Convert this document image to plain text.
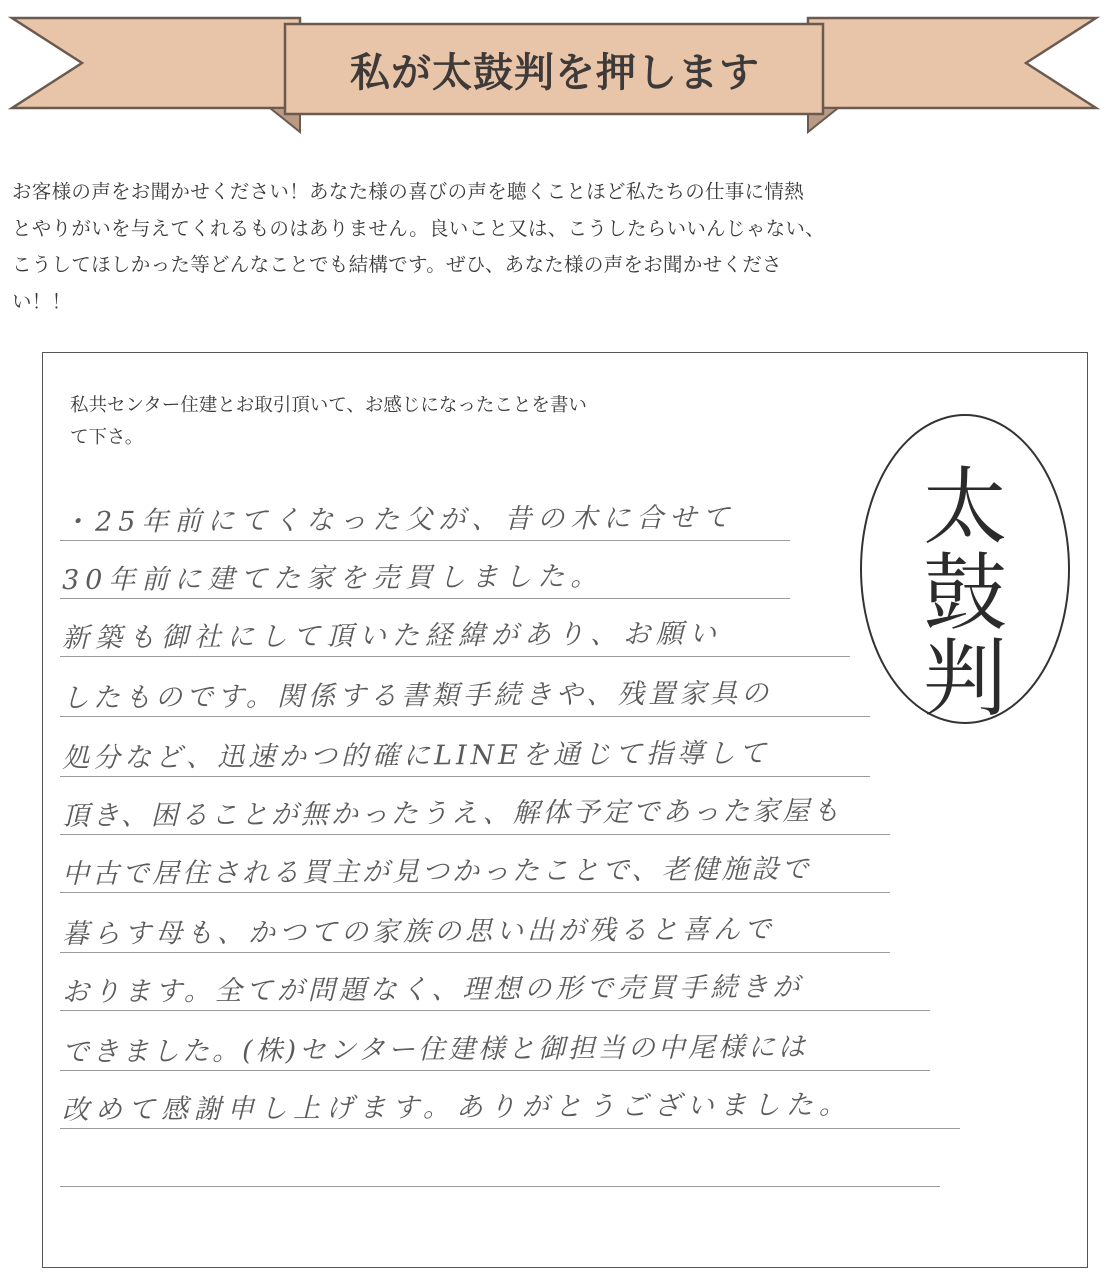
私が太鼓判を押します

お客様の声をお聞かせください！あなた様の喜びの声を聴くことほど私たちの仕事に情熱

とやりがいを与えてくれるものはありません。良いこと又は、こうしたらいいんじゃない、

こうしてほしかった等どんなことでも結構です。ぜひ、あなた様の声をお聞かせくださ

い！！

私共センター住建とお取引頂いて、お感じになったことを書い

て下さ。

太
鼓
判
・25年前にてくなった父が、昔の木に合せて
30年前に建てた家を売買しました。
新築も御社にして頂いた経緯があり、お願い
したものです。関係する書類手続きや、残置家具の
処分など、迅速かつ的確にLINEを通じて指導して
頂き、困ることが無かったうえ、解体予定であった家屋も
中古で居住される買主が見つかったことで、老健施設で
暮らす母も、かつての家族の思い出が残ると喜んで
おります。全てが問題なく、理想の形で売買手続きが
できました。(株)センター住建様と御担当の中尾様には
改めて感謝申し上げます。ありがとうございました。
